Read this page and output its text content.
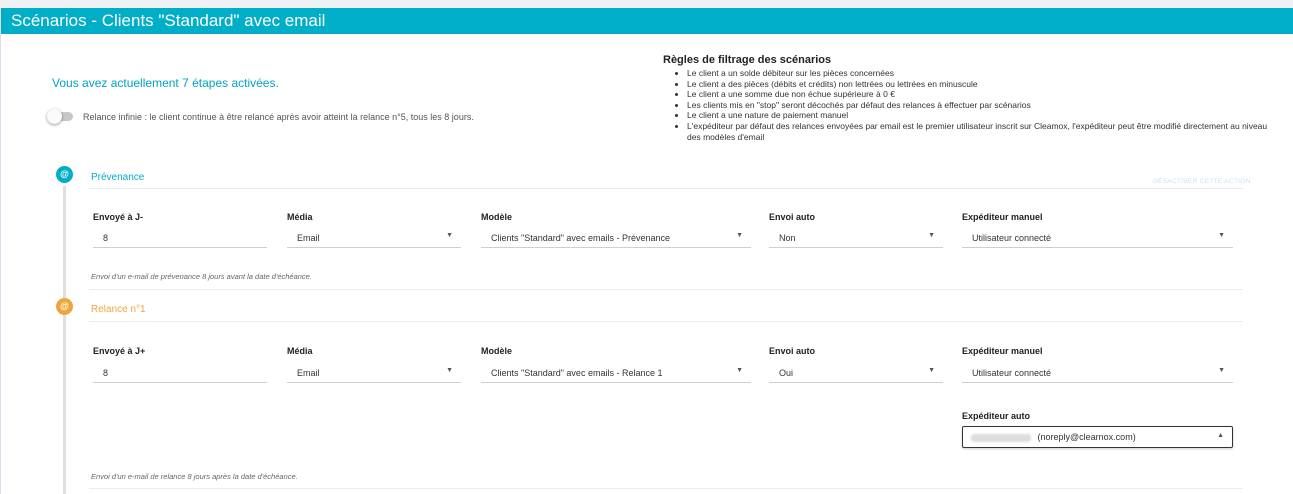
Scénarios - Clients "Standard" avec email
Vous avez actuellement 7 étapes activées.
Relance infinie : le client continue à être relancé après avoir atteint la relance n°5, tous les 8 jours.
Règles de filtrage des scénarios
• Le client a un solde débiteur sur les pièces concernées
• Le client a des pièces (débits et crédits) non lettrées ou lettrées en minuscule
• Le client a une somme due non échue supérieure à 0 €
• Les clients mis en "stop" seront décochés par défaut des relances à effectuer par scénarios
• Le client a une nature de paiement manuel
• L'expéditeur par défaut des relances envoyées par email est le premier utilisateur inscrit sur Cleamox, l'expéditeur peut être modifié directement au niveau des modèles d'email
@	Prévenance	DÉSACTIVER CETTE ACTION
Envoyé à J-	Média	Modèle	Envoi auto	Expéditeur manuel
8	Email	▼	Clients "Standard" avec emails - Prévenance	▼	Non	▼	Utilisateur connecté	▼
Envoi d'un e-mail de prévenance 8 jours avant la date d'échéance.
@	Relance n°1
Envoyé à J+	Média	Modèle	Envoi auto	Expéditeur manuel
8	Email	▼	Clients "Standard" avec emails - Relance 1	▼	Oui	▼	Utilisateur connecté	▼
Expéditeur auto
(noreply@clearnox.com)	▲
Envoi d'un e-mail de relance 8 jours après la date d'échéance.
